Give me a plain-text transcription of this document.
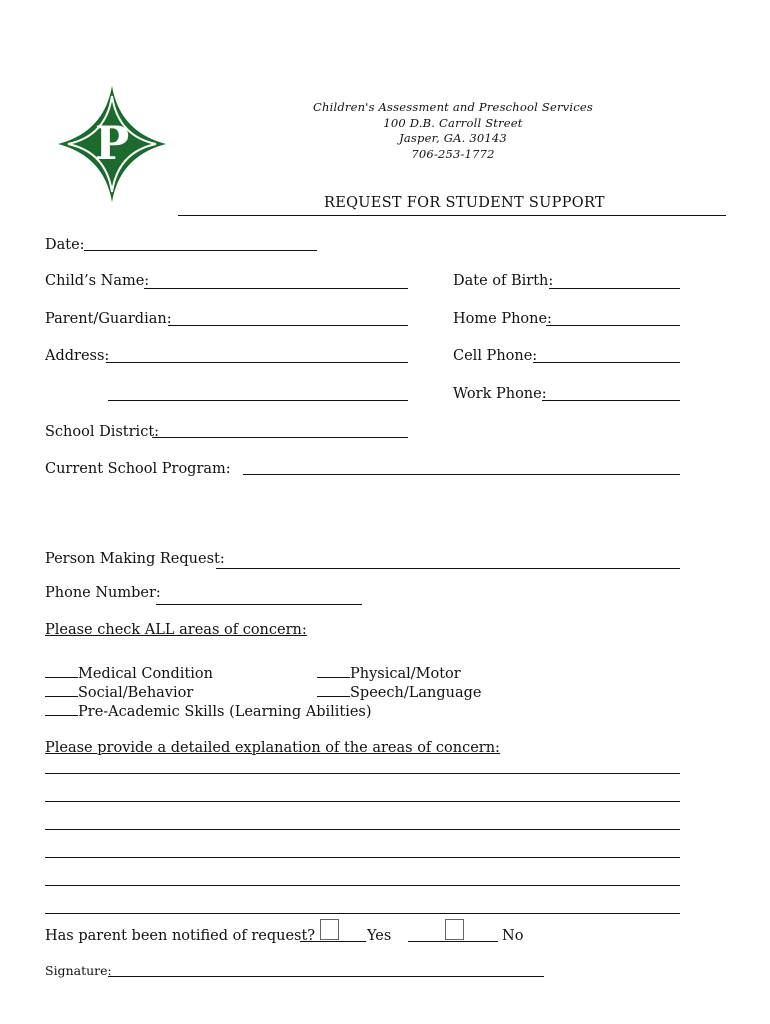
P
Children's Assessment and Preschool Services
100 D.B. Carroll Street
Jasper, GA. 30143
706-253-1772
REQUEST FOR STUDENT SUPPORT
Date:
Child’s Name:	Date of Birth:
Parent/Guardian:	Home Phone:
Address:	Cell Phone:
Work Phone:
School District:
Current School Program:
Person Making Request:
Phone Number:
Please check ALL areas of concern:
Medical Condition	Physical/Motor
Social/Behavior	Speech/Language
Pre-Academic Skills (Learning Abilities)
Please provide a detailed explanation of the areas of concern:
Has parent been notified of request?	Yes	No
Signature:
